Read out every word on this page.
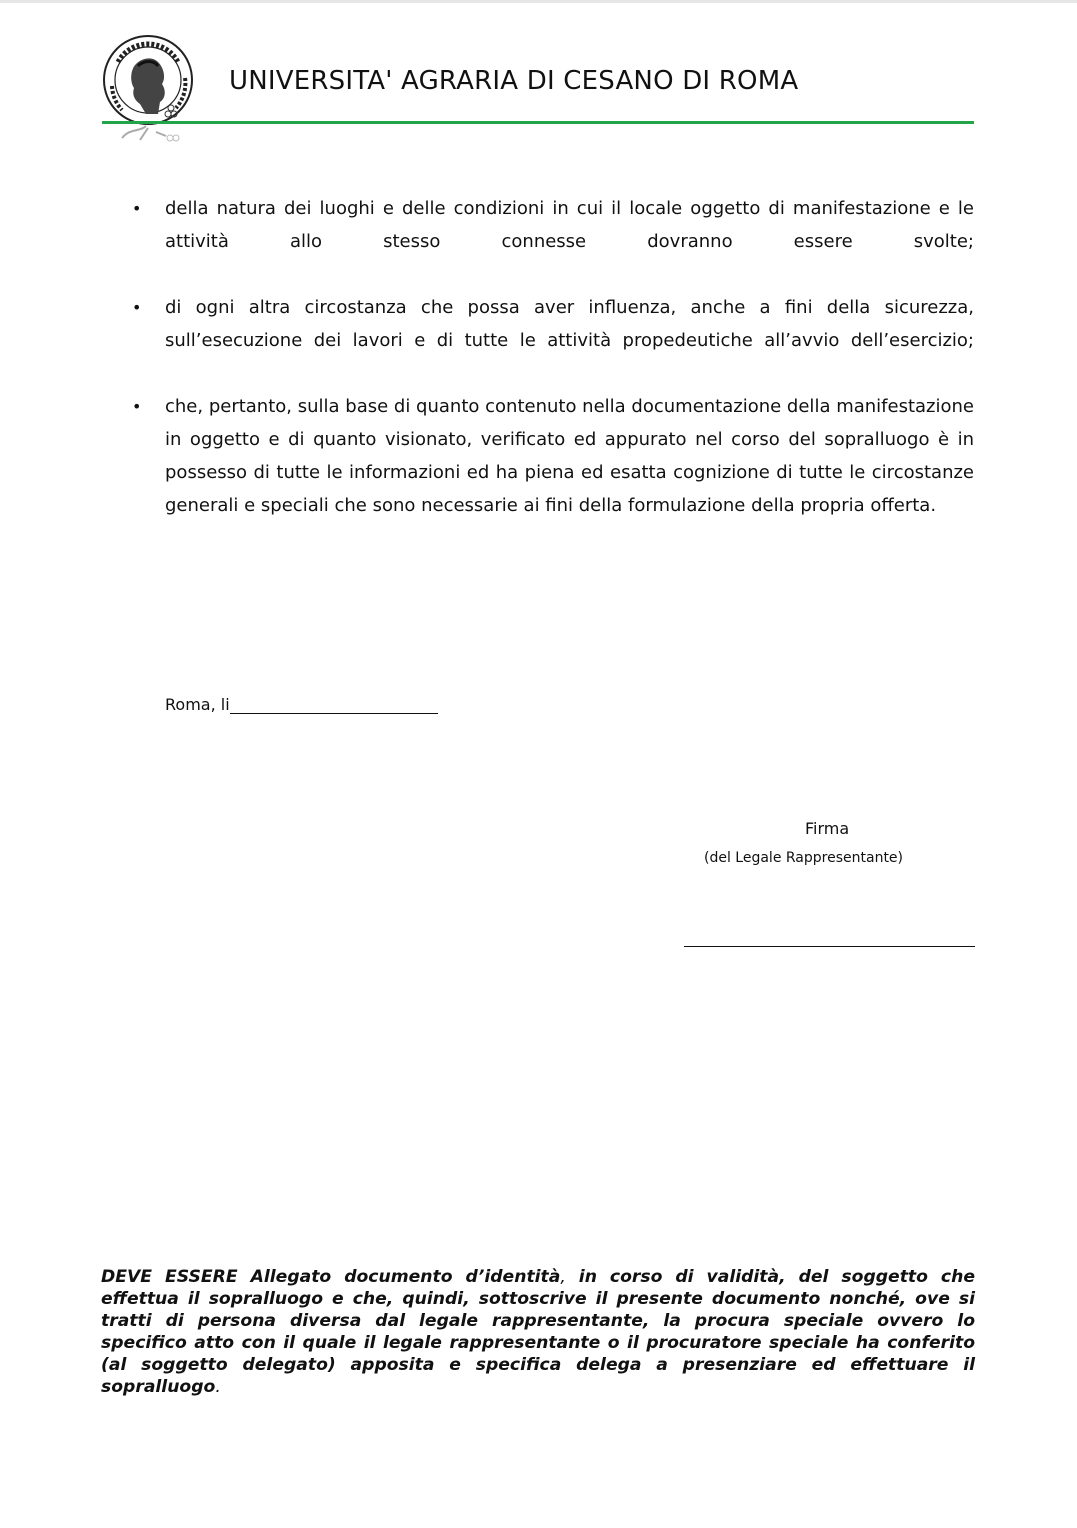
UNIVERSITA' AGRARIA DI CESANO DI ROMA
• della natura dei luoghi e delle condizioni in cui il locale oggetto di manifestazione e le attività allo stesso connesse dovranno essere svolte;
• di ogni altra circostanza che possa aver influenza, anche a fini della sicurezza, sull’esecuzione dei lavori e di tutte le attività propedeutiche all’avvio dell’esercizio;
• che, pertanto, sulla base di quanto contenuto nella documentazione della manifestazione in oggetto e di quanto visionato, verificato ed appurato nel corso del sopralluogo è in possesso di tutte le informazioni ed ha piena ed esatta cognizione di tutte le circostanze generali e speciali che sono necessarie ai fini della formulazione della propria offerta.
Roma, li
Firma
(del Legale Rappresentante)
DEVE ESSERE Allegato documento d’identità, in corso di validità, del soggetto che effettua il sopralluogo e che, quindi, sottoscrive il presente documento nonché, ove si tratti di persona diversa dal legale rappresentante, la procura speciale ovvero lo specifico atto con il quale il legale rappresentante o il procuratore speciale ha conferito (al soggetto delegato) apposita e specifica delega a presenziare ed effettuare il sopralluogo.
